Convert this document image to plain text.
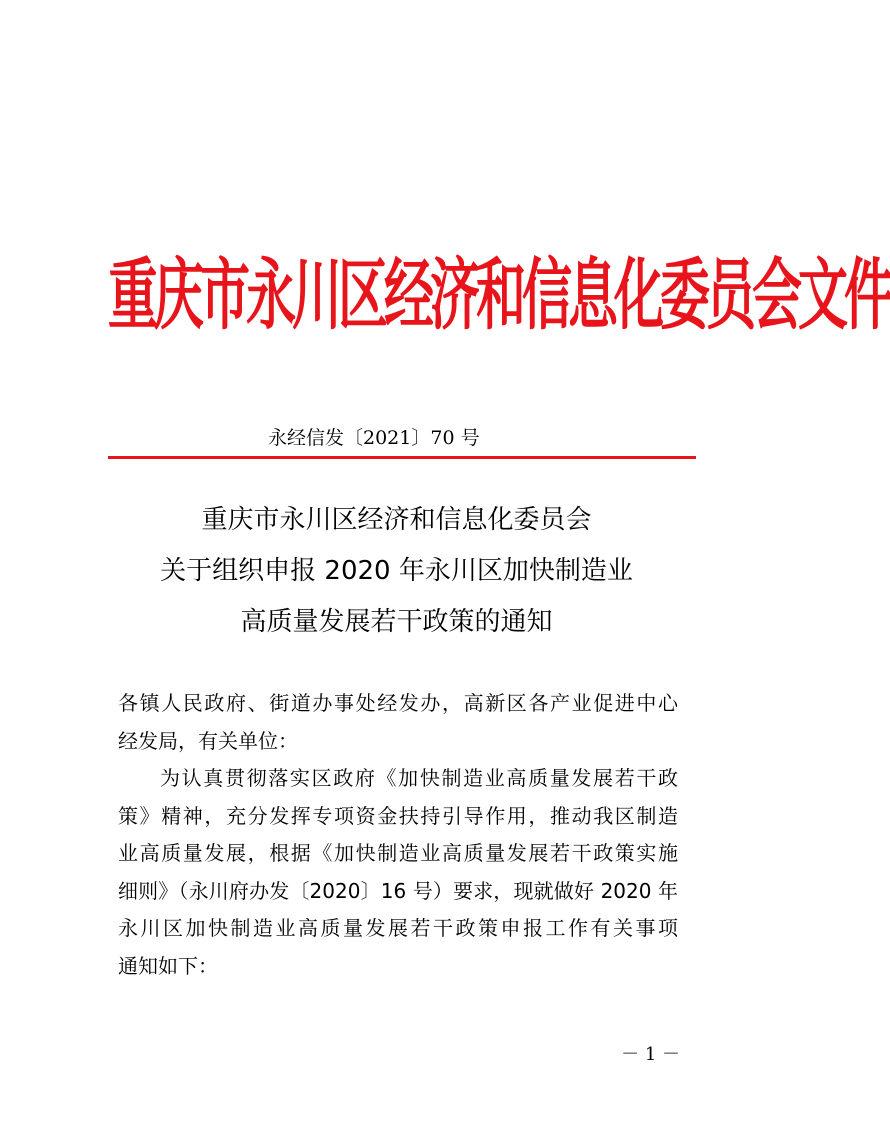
重庆市永川区经济和信息化委员会文件
永经信发〔2021〕70 号
重庆市永川区经济和信息化委员会
关于组织申报 2020 年永川区加快制造业
高质量发展若干政策的通知
各镇人民政府、街道办事处经发办，高新区各产业促进中心
经发局，有关单位：
为认真贯彻落实区政府《加快制造业高质量发展若干政
策》精神，充分发挥专项资金扶持引导作用，推动我区制造
业高质量发展，根据《加快制造业高质量发展若干政策实施
细则》（永川府办发〔2020〕16 号）要求，现就做好 2020 年
永川区加快制造业高质量发展若干政策申报工作有关事项
通知如下：
－ 1 －
